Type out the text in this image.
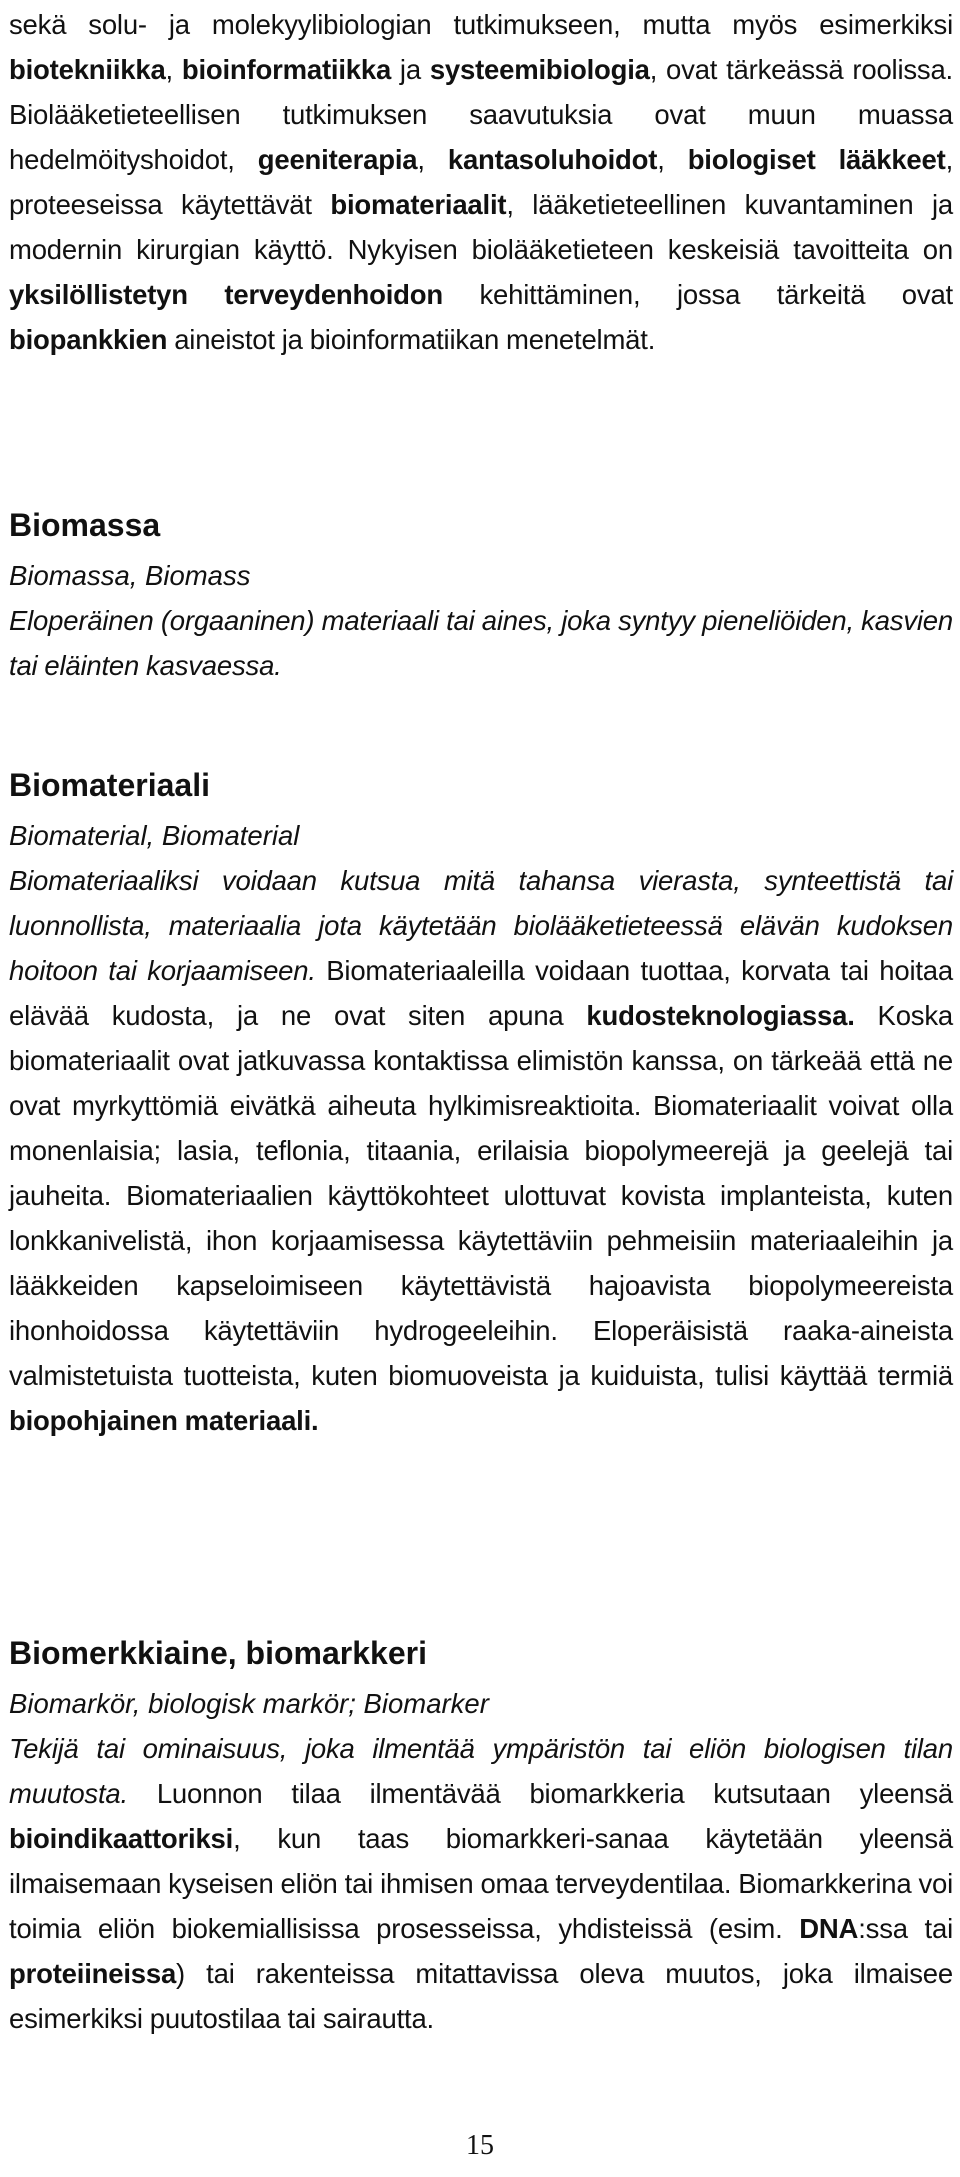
sekä solu- ja molekyylibiologian tutkimukseen, mutta myös esimerkiksi biotekniikka, bioinformatiikka ja systeemibiologia, ovat tärkeässä roolissa. Biolääketieteellisen tutkimuksen saavutuksia ovat muun muassa hedelmöityshoidot, geeniterapia, kantasoluhoidot, biologiset lääkkeet, proteeseissa käytettävät biomateriaalit, lääketieteellinen kuvantaminen ja modernin kirurgian käyttö. Nykyisen biolääketieteen keskeisiä tavoitteita on yksilöllistetyn terveydenhoidon kehittäminen, jossa tärkeitä ovat biopankkien aineistot ja bioinformatiikan menetelmät.

Biomassa

Biomassa, Biomass

Eloperäinen (orgaaninen) materiaali tai aines, joka syntyy pieneliöiden, kasvien tai eläinten kasvaessa.

Biomateriaali

Biomaterial, Biomaterial

Biomateriaaliksi voidaan kutsua mitä tahansa vierasta, synteettistä tai luonnollista, materiaalia jota käytetään biolääketieteessä elävän kudoksen hoitoon tai korjaamiseen. Biomateriaaleilla voidaan tuottaa, korvata tai hoitaa elävää kudosta, ja ne ovat siten apuna kudosteknologiassa. Koska biomateriaalit ovat jatkuvassa kontaktissa elimistön kanssa, on tärkeää että ne ovat myrkyttömiä eivätkä aiheuta hylkimisreaktioita. Biomateriaalit voivat olla monenlaisia; lasia, teflonia, titaania, erilaisia biopolymeerejä ja geelejä tai jauheita. Biomateriaalien käyttökohteet ulottuvat kovista implanteista, kuten lonkkanivelistä, ihon korjaamisessa käytettäviin pehmeisiin materiaaleihin ja lääkkeiden kapseloimiseen käytettävistä hajoavista biopolymeereista ihonhoidossa käytettäviin hydrogeeleihin. Eloperäisistä raaka-aineista valmistetuista tuotteista, kuten biomuoveista ja kuiduista, tulisi käyttää termiä biopohjainen materiaali.

Biomerkkiaine, biomarkkeri

Biomarkör, biologisk markör; Biomarker

Tekijä tai ominaisuus, joka ilmentää ympäristön tai eliön biologisen tilan muutosta. Luonnon tilaa ilmentävää biomarkkeria kutsutaan yleensä bioindikaattoriksi, kun taas biomarkkeri-sanaa käytetään yleensä ilmaisemaan kyseisen eliön tai ihmisen omaa terveydentilaa. Biomarkkerina voi toimia eliön biokemiallisissa prosesseissa, yhdisteissä (esim. DNA:ssa tai proteiineissa) tai rakenteissa mitattavissa oleva muutos, joka ilmaisee esimerkiksi puutostilaa tai sairautta.

15
